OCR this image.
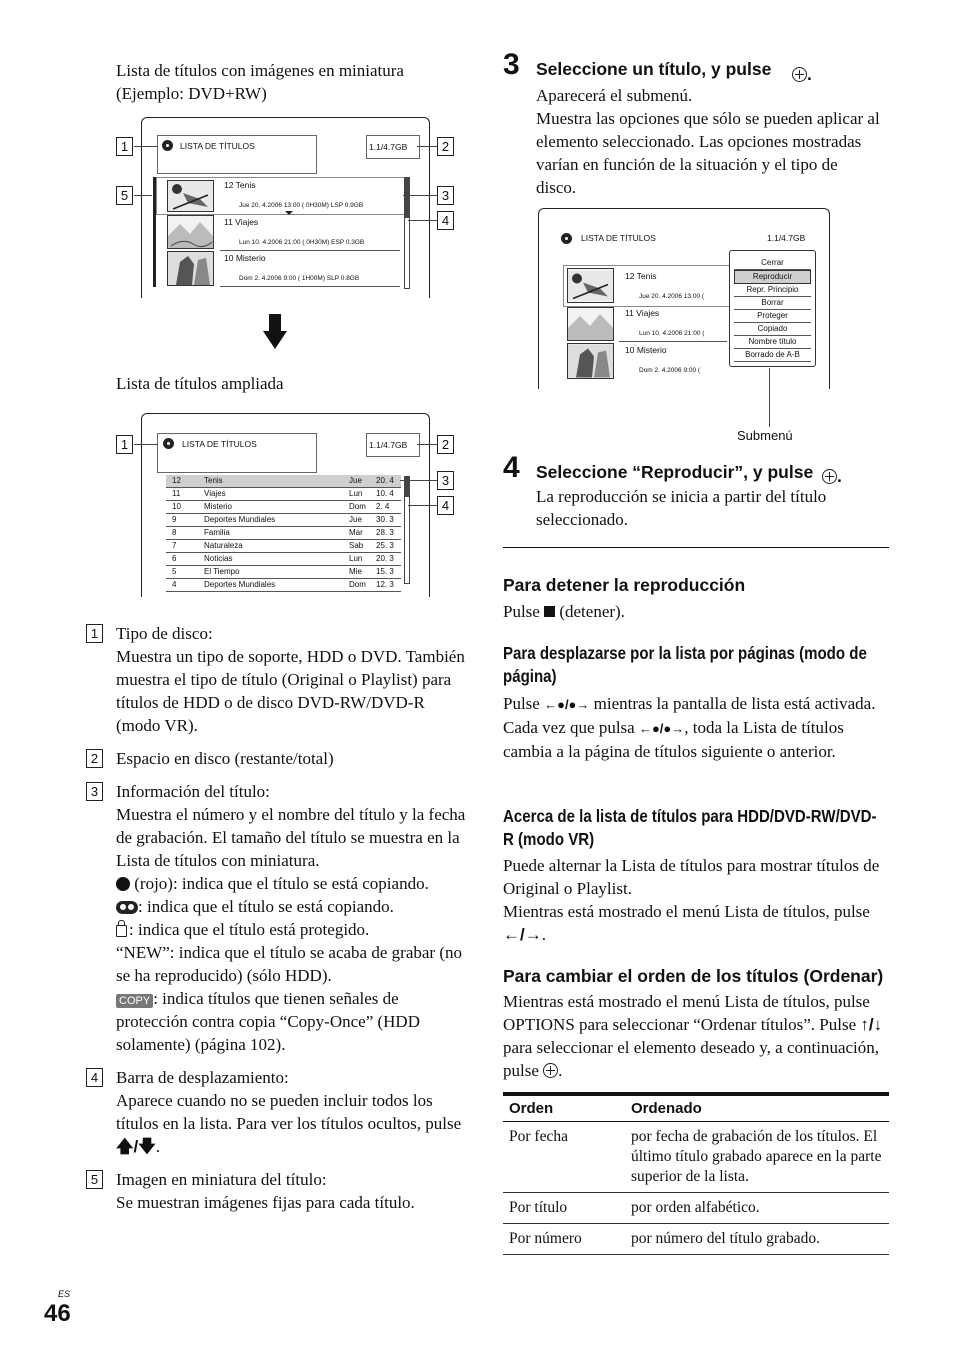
Lista de títulos con imágenes en miniatura
(Ejemplo: DVD+RW)
LISTA DE TÍTULOS	1.1/4.7GB
12 Tenis
Jue 20. 4.2006 13:00 ( 0H30M) LSP 0.9GB
11 Viajes
Lun 10. 4.2006 21:00 ( 0H30M) ESP 0.3GB
10 Misterio
Dom 2. 4.2006 9:00 ( 1H00M) SLP 0.8GB
1
5
2
3
4
Lista de títulos ampliada
LISTA DE TÍTULOS	1.1/4.7GB
12	Tenis	Jue 20. 4
11	Viajes	Lun 10. 4
10	Misterio	Dom 2. 4
9	Deportes Mundiales	Jue 30. 3
8	Familia	Mar 28. 3
7	Naturaleza	Sab 25. 3
6	Noticias	Lun 20. 3
5	El Tiempo	Mie 15. 3
4	Deportes Mundiales	Dom 12. 3
1	2
3
4
1 Tipo de disco:
Muestra un tipo de soporte, HDD o DVD. También muestra el tipo de título (Original o Playlist) para títulos de HDD o de disco DVD-RW/DVD-R (modo VR).
2 Espacio en disco (restante/total)
3 Información del título:
Muestra el número y el nombre del título y la fecha de grabación. El tamaño del título se muestra en la Lista de títulos con miniatura.
(rojo): indica que el título se está copiando.
: indica que el título se está copiando.
: indica que el título está protegido.
“NEW”: indica que el título se acaba de grabar (no se ha reproducido) (sólo HDD).
COPY : indica títulos que tienen señales de protección contra copia “Copy-Once” (HDD solamente) (página 102).
4 Barra de desplazamiento:
Aparece cuando no se pueden incluir todos los títulos en la lista. Para ver los títulos ocultos, pulse 🡅/🡇.
5 Imagen en miniatura del título:
Se muestran imágenes fijas para cada título.
3 Seleccione un título, y pulse	.
Aparecerá el submenú.
Muestra las opciones que sólo se pueden aplicar al elemento seleccionado. Las opciones mostradas varían en función de la situación y el tipo de disco.
LISTA DE TÍTULOS	1.1/4.7GB
12 Tenis
Jue 20. 4.2006 13:00 (
11 Viajes
Lun 10. 4.2006 21:00 (
10 Misterio
Dom 2. 4.2006 9:00 (
Cerrar
Reproducir
Repr. Principio
Borrar
Proteger
Copiado
Nombre título
Borrado de A-B
Submenú
4 Seleccione “Reproducir”, y pulse	.
La reproducción se inicia a partir del título seleccionado.
Para detener la reproducción
Pulse (detener).
Para desplazarse por la lista por páginas (modo de página)
Pulse ←●/●→ mientras la pantalla de lista está activada. Cada vez que pulsa ←●/●→, toda la Lista de títulos cambia a la página de títulos siguiente o anterior.
Acerca de la lista de títulos para HDD/DVD-RW/DVD-R (modo VR)
Puede alternar la Lista de títulos para mostrar títulos de Original o Playlist.
Mientras está mostrado el menú Lista de títulos, pulse ←/→.
Para cambiar el orden de los títulos (Ordenar)
Mientras está mostrado el menú Lista de títulos, pulse OPTIONS para seleccionar “Ordenar títulos”. Pulse ↑/↓ para seleccionar el elemento deseado y, a continuación, pulse .
Orden	Ordenado
Por fecha	por fecha de grabación de los títulos. El último título grabado aparece en la parte superior de la lista.
Por título	por orden alfabético.
Por número	por número del título grabado.
ES
46
